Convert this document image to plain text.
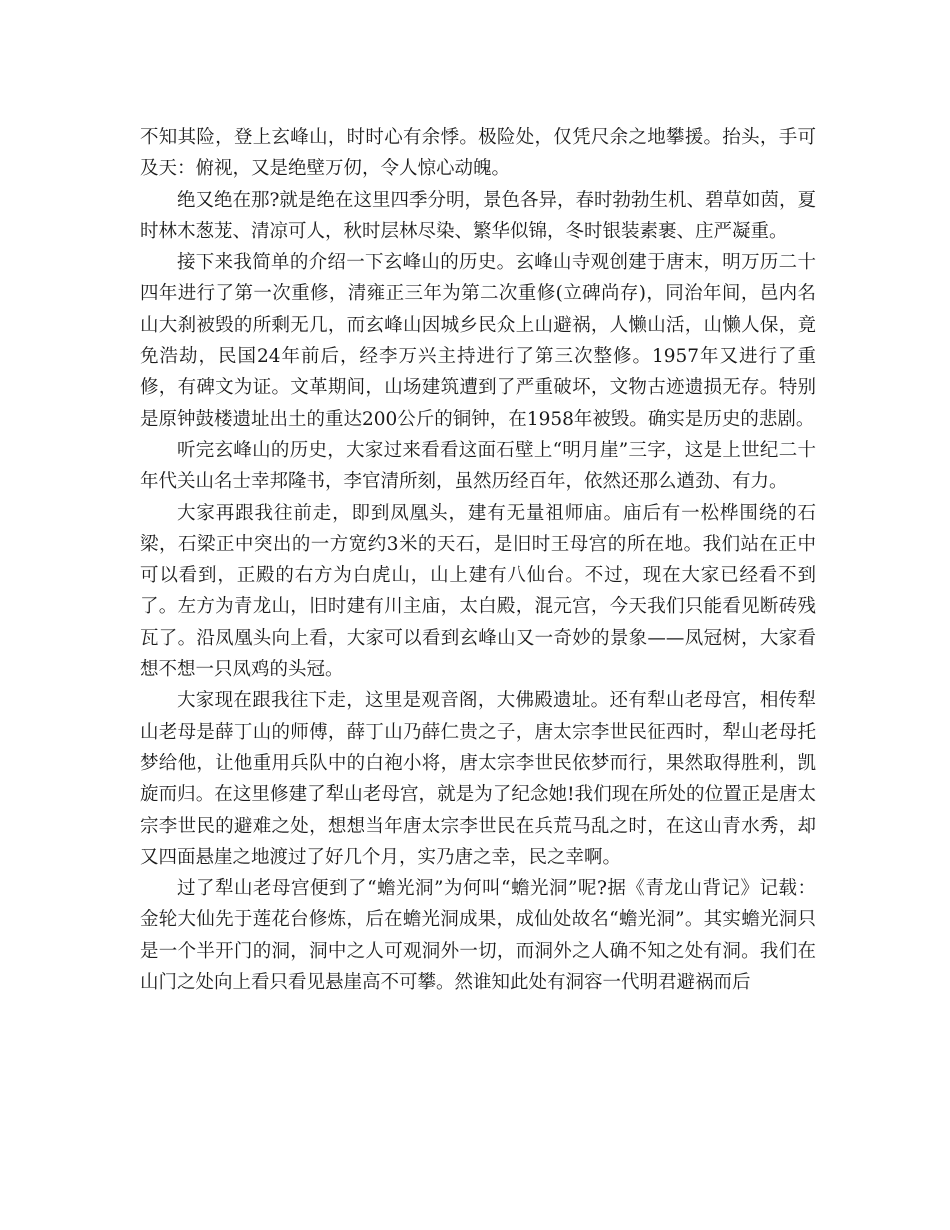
不知其险，登上玄峰山，时时心有余悸。极险处，仅凭尺余之地攀援。抬头，手可及天：俯视，又是绝壁万仞，令人惊心动魄。

绝又绝在那?就是绝在这里四季分明，景色各异，春时勃勃生机、碧草如茵，夏时林木葱茏、清凉可人，秋时层林尽染、繁华似锦，冬时银装素裹、庄严凝重。

接下来我简单的介绍一下玄峰山的历史。玄峰山寺观创建于唐末，明万历二十四年进行了第一次重修，清雍正三年为第二次重修(立碑尚存)，同治年间，邑内名山大刹被毁的所剩无几，而玄峰山因城乡民众上山避祸，人懒山活，山懒人保，竟免浩劫，民国24年前后，经李万兴主持进行了第三次整修。1957年又进行了重修，有碑文为证。文革期间，山场建筑遭到了严重破坏，文物古迹遗损无存。特别是原钟鼓楼遗址出土的重达200公斤的铜钟，在1958年被毁。确实是历史的悲剧。

听完玄峰山的历史，大家过来看看这面石壁上“明月崖”三字，这是上世纪二十年代关山名士幸邦隆书，李官清所刻，虽然历经百年，依然还那么遒劲、有力。

大家再跟我往前走，即到凤凰头，建有无量祖师庙。庙后有一松桦围绕的石梁，石梁正中突出的一方宽约3米的天石，是旧时王母宫的所在地。我们站在正中可以看到，正殿的右方为白虎山，山上建有八仙台。不过，现在大家已经看不到了。左方为青龙山，旧时建有川主庙，太白殿，混元宫，今天我们只能看见断砖残瓦了。沿凤凰头向上看，大家可以看到玄峰山又一奇妙的景象——凤冠树，大家看想不想一只凤鸡的头冠。

大家现在跟我往下走，这里是观音阁，大佛殿遗址。还有犁山老母宫，相传犁山老母是薛丁山的师傅，薛丁山乃薛仁贵之子，唐太宗李世民征西时，犁山老母托梦给他，让他重用兵队中的白袍小将，唐太宗李世民依梦而行，果然取得胜利，凯旋而归。在这里修建了犁山老母宫，就是为了纪念她!我们现在所处的位置正是唐太宗李世民的避难之处，想想当年唐太宗李世民在兵荒马乱之时，在这山青水秀，却又四面悬崖之地渡过了好几个月，实乃唐之幸，民之幸啊。

过了犁山老母宫便到了“蟾光洞”为何叫“蟾光洞”呢?据《青龙山背记》记载：金轮大仙先于莲花台修炼，后在蟾光洞成果，成仙处故名“蟾光洞”。其实蟾光洞只是一个半开门的洞，洞中之人可观洞外一切，而洞外之人确不知之处有洞。我们在山门之处向上看只看见悬崖高不可攀。然谁知此处有洞容一代明君避祸而后
